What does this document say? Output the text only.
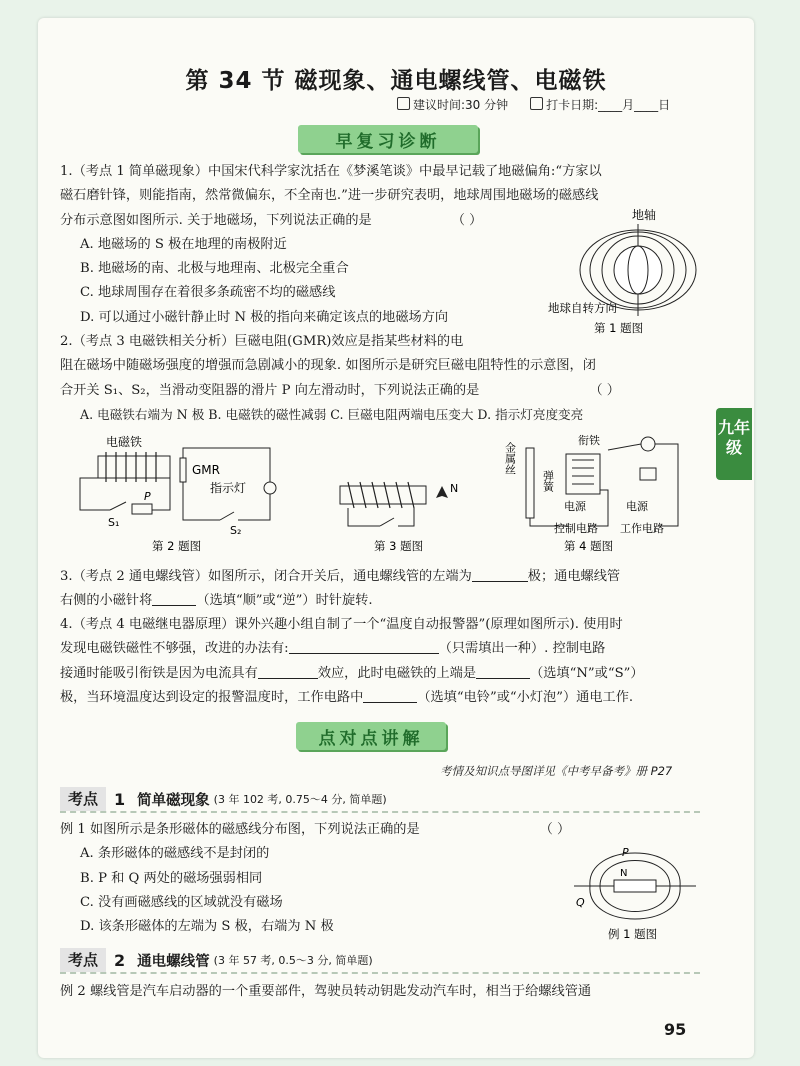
九年级
第 34 节 磁现象、通电螺线管、电磁铁
建议时间:30 分钟	打卡日期:____月____日
早复习诊断

1.（考点 1 简单磁现象）中国宋代科学家沈括在《梦溪笔谈》中最早记载了地磁偏角:“方家以

磁石磨针锋，则能指南，然常微偏东，不全南也.”进一步研究表明，地球周围地磁场的磁感线

分布示意图如图所示. 关于地磁场，下列说法正确的是	（ ）

A. 地磁场的 S 极在地理的南极附近

B. 地磁场的南、北极与地理南、北极完全重合

C. 地球周围存在着很多条疏密不均的磁感线

D. 可以通过小磁针静止时 N 极的指向来确定该点的地磁场方向

地轴
地球自转方向
第 1 题图

2.（考点 3 电磁铁相关分析）巨磁电阻(GMR)效应是指某些材料的电

阻在磁场中随磁场强度的增强而急剧减小的现象. 如图所示是研究巨磁电阻特性的示意图，闭

合开关 S₁、S₂，当滑动变阻器的滑片 P 向左滑动时，下列说法正确的是	（ ）

A. 电磁铁右端为 N 极 B. 电磁铁的磁性减弱 C. 巨磁电阻两端电压变大 D. 指示灯亮度变亮

电磁铁
S₁
P
GMR
指示灯
S₂
第 2 题图
N
第 3 题图
金属丝
弹簧
衔铁
电源	电源
控制电路 工作电路
第 4 题图

3.（考点 2 通电螺线管）如图所示，闭合开关后，通电螺线管的左端为	极；通电螺线管

右侧的小磁针将	（选填“顺”或“逆”）时针旋转.

4.（考点 4 电磁继电器原理）课外兴趣小组自制了一个“温度自动报警器”(原理如图所示). 使用时

发现电磁铁磁性不够强，改进的办法有:	（只需填出一种）. 控制电路

接通时能吸引衔铁是因为电流具有	效应，此时电磁铁的上端是	（选填“N”或“S”）

极，当环境温度达到设定的报警温度时，工作电路中	（选填“电铃”或“小灯泡”）通电工作.

点对点讲解
考情及知识点导图详见《中考早备考》册 P27
考点	1 简单磁现象 (3 年 102 考, 0.75～4 分, 简单题)

例 1 如图所示是条形磁体的磁感线分布图，下列说法正确的是	（ ）

A. 条形磁体的磁感线不是封闭的

B. P 和 Q 两处的磁场强弱相同

C. 没有画磁感线的区域就没有磁场

D. 该条形磁体的左端为 S 极，右端为 N 极

P
N
Q
例 1 题图
考点	2 通电螺线管 (3 年 57 考, 0.5～3 分, 简单题)

例 2 螺线管是汽车启动器的一个重要部件，驾驶员转动钥匙发动汽车时，相当于给螺线管通

95
